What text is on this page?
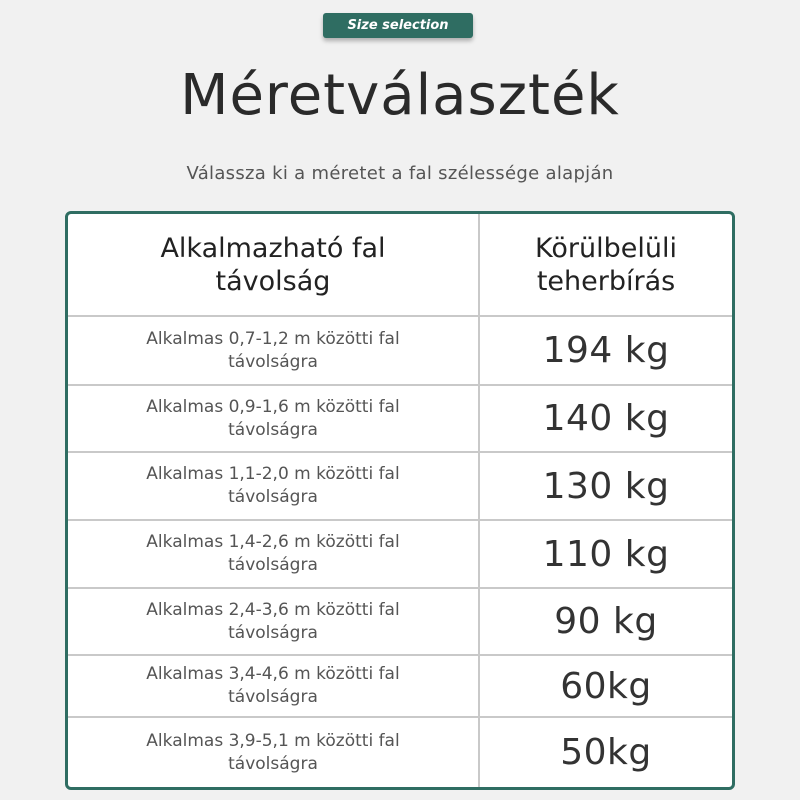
Size selection
Méretválaszték
Válassza ki a méretet a fal szélessége alapján
Alkalmazható fal távolság
Körülbelüli teherbírás
Alkalmas 0,7-1,2 m közötti fal távolságra	194 kg
Alkalmas 0,9-1,6 m közötti fal távolságra	140 kg
Alkalmas 1,1-2,0 m közötti fal távolságra	130 kg
Alkalmas 1,4-2,6 m közötti fal távolságra	110 kg
Alkalmas 2,4-3,6 m közötti fal távolságra	90 kg
Alkalmas 3,4-4,6 m közötti fal távolságra	60kg
Alkalmas 3,9-5,1 m közötti fal távolságra	50kg
